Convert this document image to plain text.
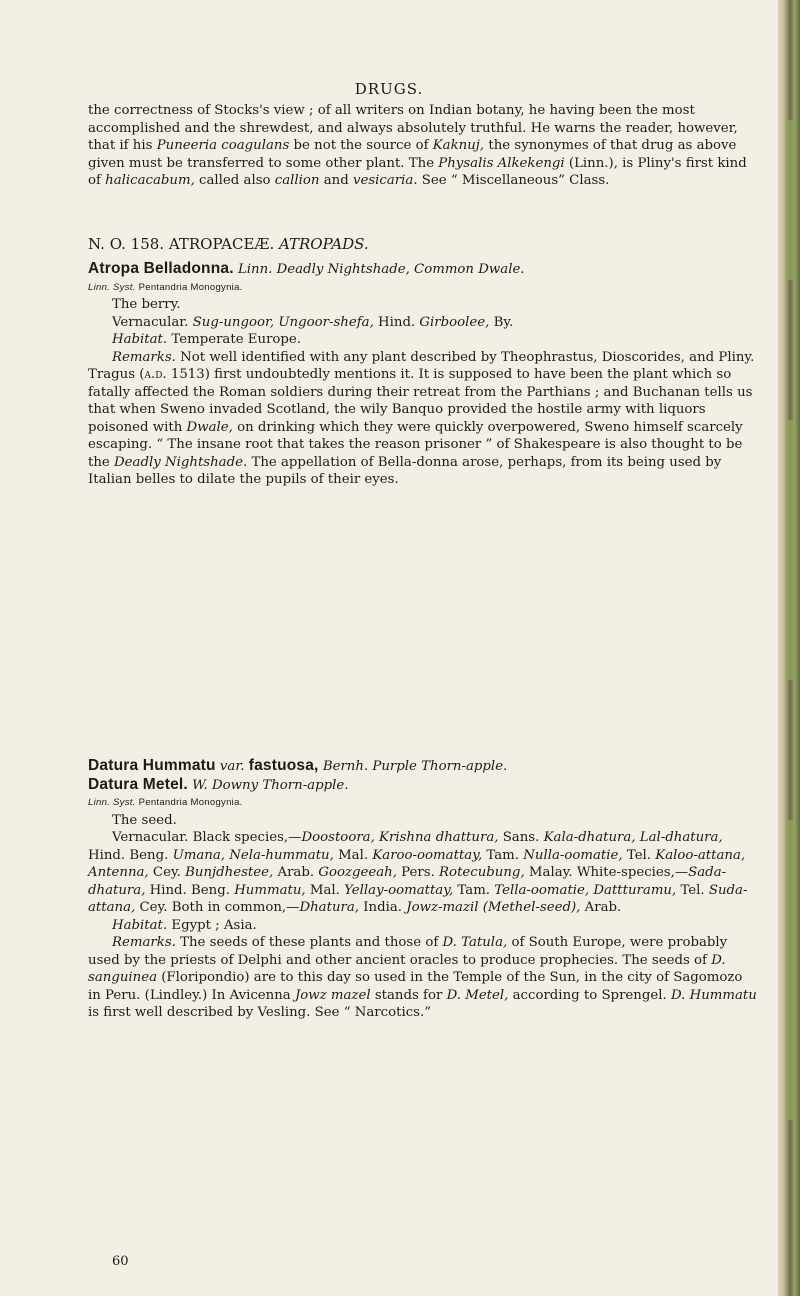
DRUGS.

the correctness of Stocks's view ; of all writers on Indian botany, he having been the most accomplished and the shrewdest, and always absolutely truthful. He warns the reader, however, that if his Puneeria coagulans be not the source of Kaknuj, the synonymes of that drug as above given must be transferred to some other plant. The Physalis Alkekengi (Linn.), is Pliny's first kind of halicacabum, called also callion and vesicaria. See “ Miscellaneous” Class.

N. O. 158. ATROPACEÆ. ATROPADS.

Atropa Belladonna. Linn. Deadly Nightshade, Common Dwale.

Linn. Syst. Pentandria Monogynia.

The berry.

Vernacular. Sug-ungoor, Ungoor-shefa, Hind. Girboolee, By.

Habitat. Temperate Europe.

Remarks. Not well identified with any plant described by Theophrastus, Dioscorides, and Pliny. Tragus (a.d. 1513) first undoubtedly mentions it. It is supposed to have been the plant which so fatally affected the Roman soldiers during their retreat from the Parthians ; and Buchanan tells us that when Sweno invaded Scotland, the wily Banquo provided the hostile army with liquors poisoned with Dwale, on drinking which they were quickly overpowered, Sweno himself scarcely escaping. “ The insane root that takes the reason prisoner ” of Shakespeare is also thought to be the Deadly Nightshade. The appellation of Bella-donna arose, perhaps, from its being used by Italian belles to dilate the pupils of their eyes.

Datura Hummatu var. fastuosa, Bernh. Purple Thorn-apple.

Datura Metel. W. Downy Thorn-apple.

Linn. Syst. Pentandria Monogynia.

The seed.

Vernacular. Black species,—Doostoora, Krishna dhattura, Sans. Kala-dhatura, Lal-dhatura, Hind. Beng. Umana, Nela-hummatu, Mal. Karoo-oomattay, Tam. Nulla-oomatie, Tel. Kaloo-attana, Antenna, Cey. Bunjdhestee, Arab. Goozgeeah, Pers. Rotecubung, Malay. White-species,—Sada-dhatura, Hind. Beng. Hummatu, Mal. Yellay-oomattay, Tam. Tella-oomatie, Dattturamu, Tel. Suda-attana, Cey. Both in common,—Dhatura, India. Jowz-mazil (Methel-seed), Arab.

Habitat. Egypt ; Asia.

Remarks. The seeds of these plants and those of D. Tatula, of South Europe, were probably used by the priests of Delphi and other ancient oracles to produce prophecies. The seeds of D. sanguinea (Floripondio) are to this day so used in the Temple of the Sun, in the city of Sagomozo in Peru. (Lindley.) In Avicenna Jowz mazel stands for D. Metel, according to Sprengel. D. Hummatu is first well described by Vesling. See “ Narcotics.”

60
